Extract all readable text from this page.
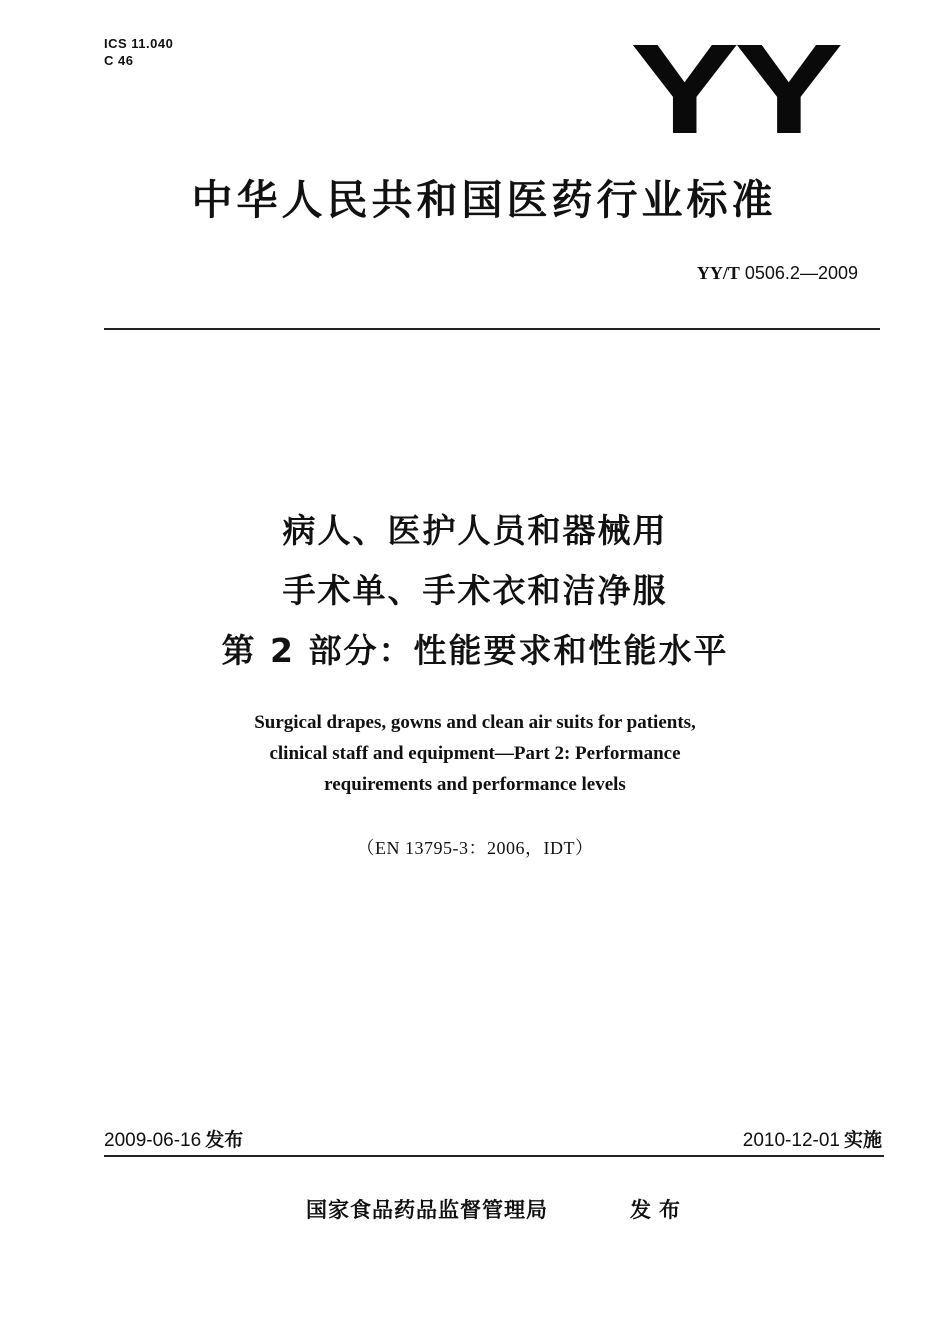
ICS 11.040
C 46	YY
中华人民共和国医药行业标准
YY/T 0506.2—2009
病人、医护人员和器械用
手术单、手术衣和洁净服
第 2 部分：性能要求和性能水平
Surgical drapes, gowns and clean air suits for patients,
clinical staff and equipment—Part 2: Performance
requirements and performance levels
（EN 13795-3：2006，IDT）
2009-06-16 发布	2010-12-01 实施
国家食品药品监督管理局	发布
